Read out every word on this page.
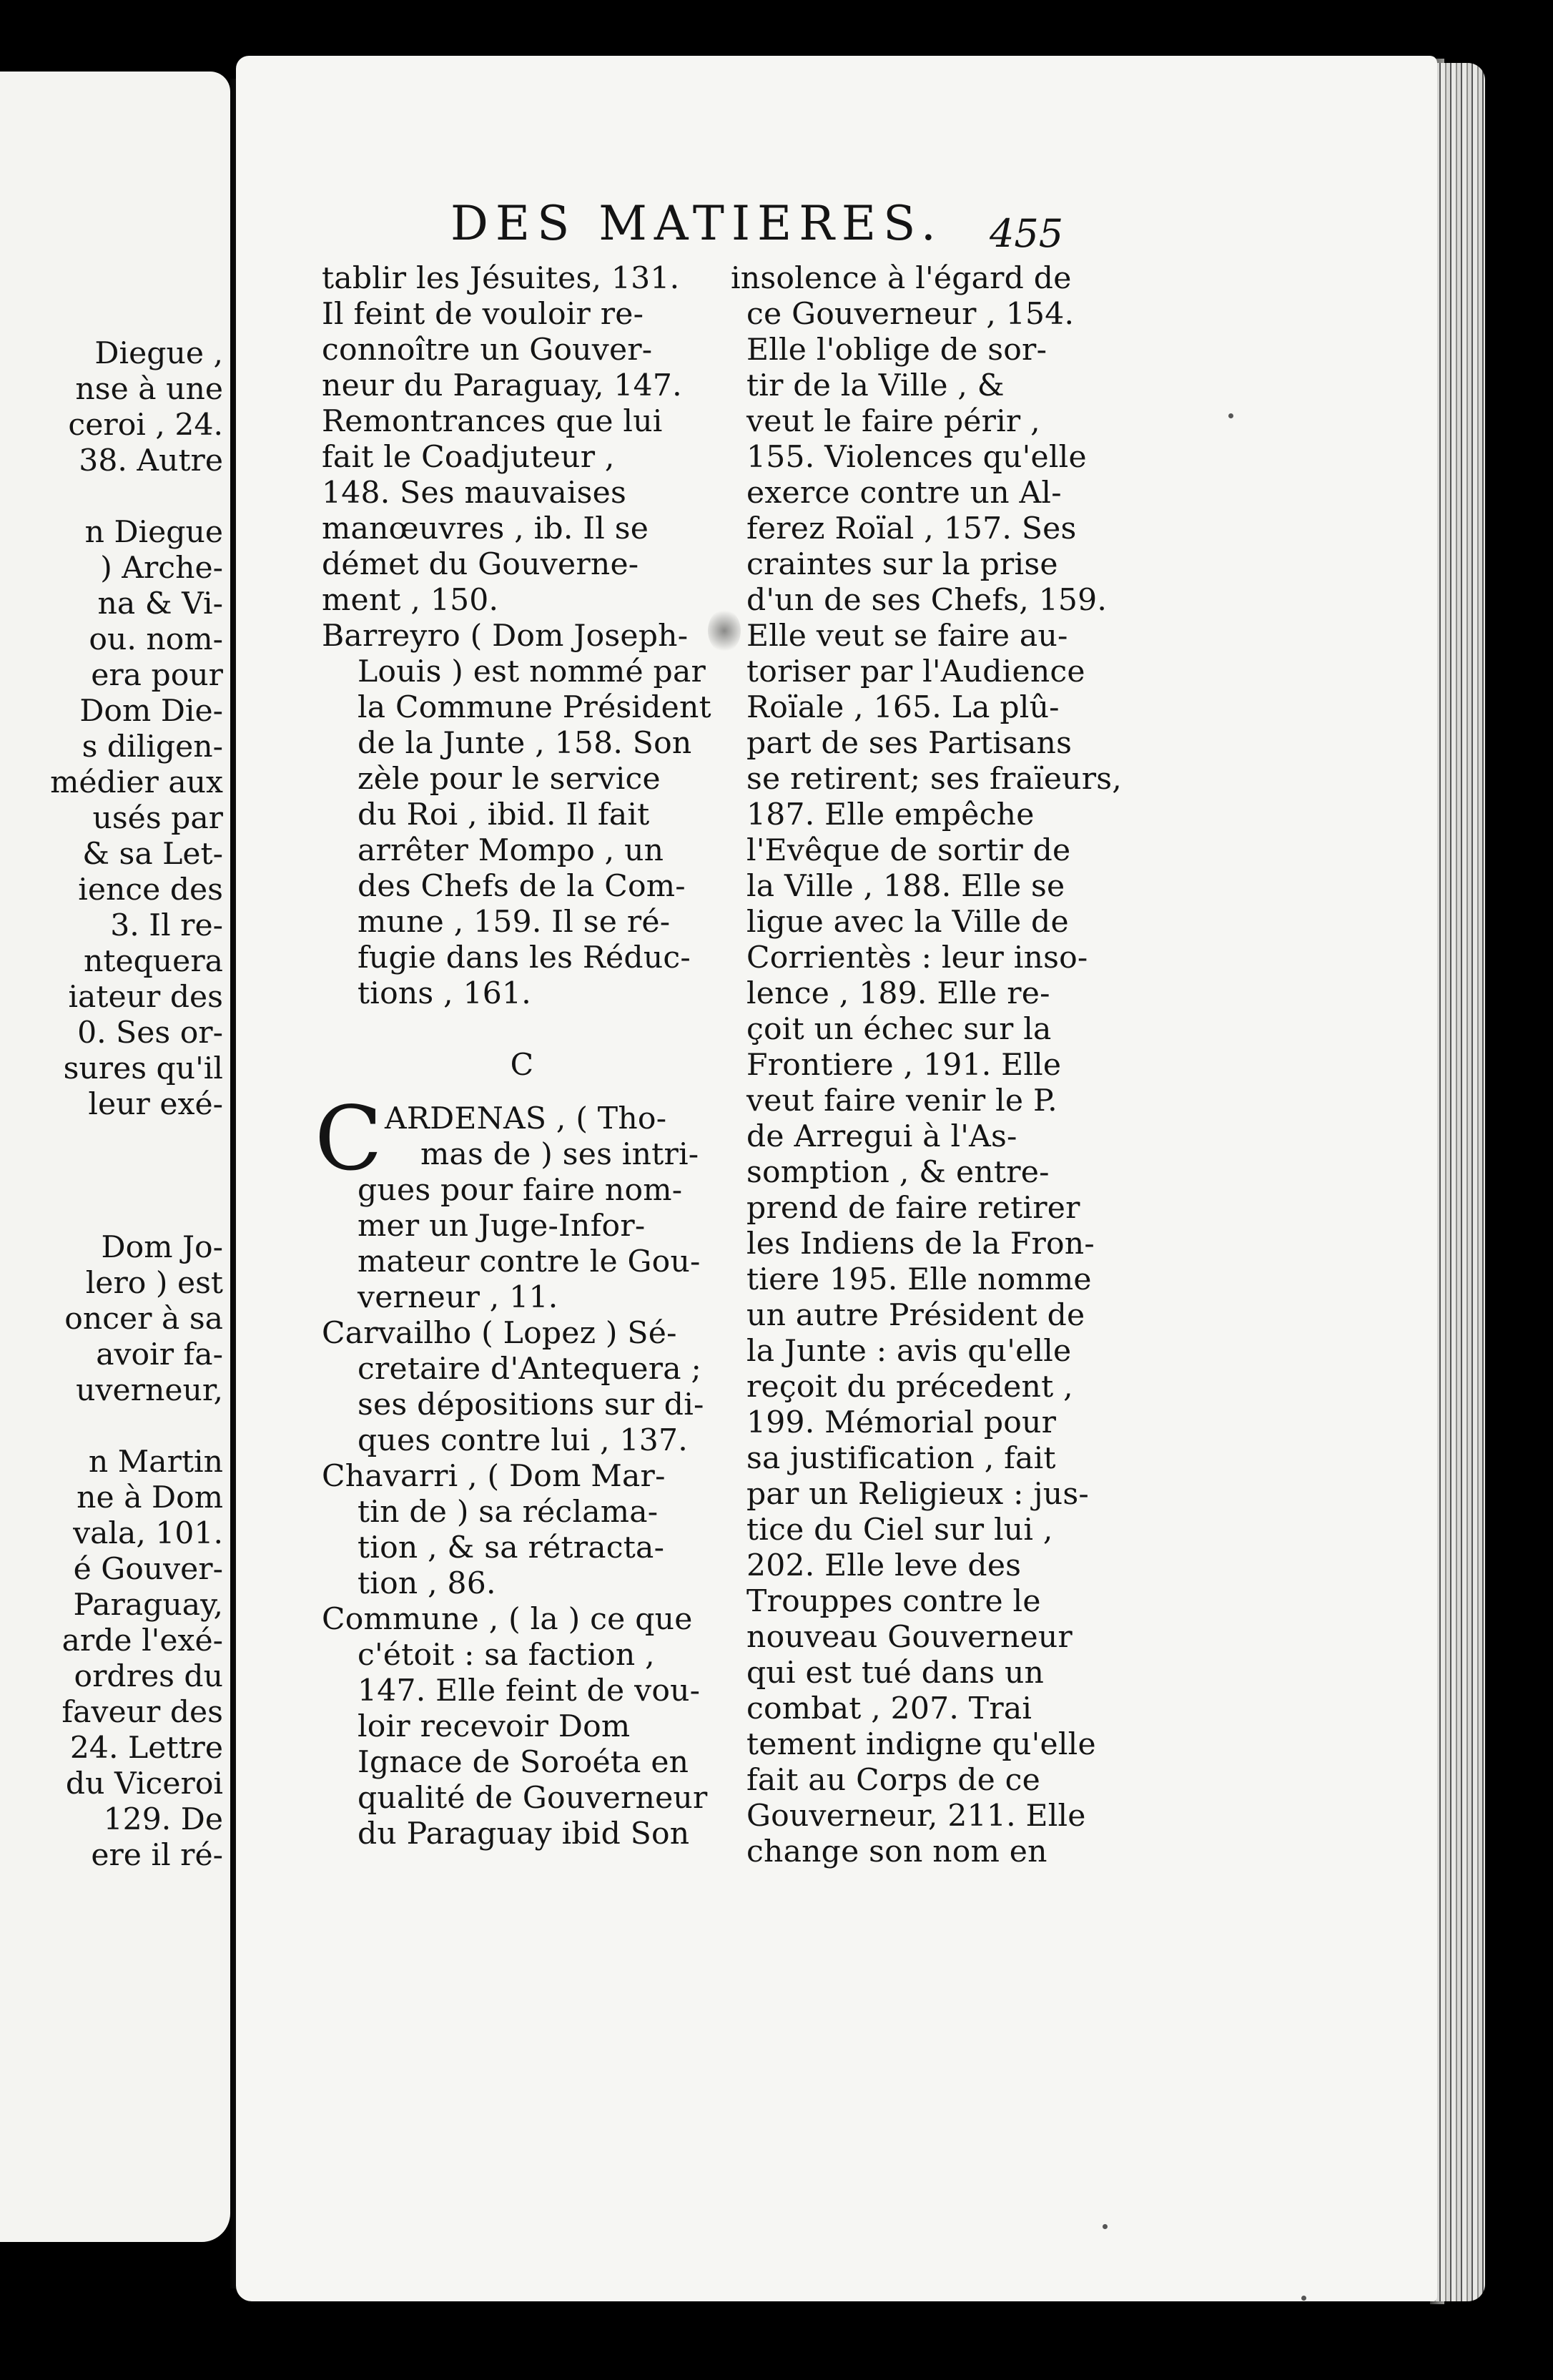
Diegue ,
nse à une
ceroi , 24.
38. Autre
n Diegue
) Arche-
na & Vi-
ou. nom-
era pour
Dom Die-
s diligen-
médier aux
usés par
& sa Let-
ience des
3. Il re-
ntequera
iateur des
0. Ses or-
sures qu'il
leur exé-
Dom Jo-
lero ) est
oncer à sa
avoir fa-
uverneur,
n Martin
ne à Dom
vala, 101.
é Gouver-
Paraguay,
arde l'exé-
ordres du
faveur des
24. Lettre
du Viceroi
129. De
ere il ré-
DES MATIERES.	455
tablir les Jésuites, 131.
Il feint de vouloir re-
connoître un Gouver-
neur du Paraguay, 147.
Remontrances que lui
fait le Coadjuteur ,
148. Ses mauvaises
manœuvres , ib. Il se
démet du Gouverne-
ment , 150.
Barreyro ( Dom Joseph-
Louis ) est nommé par
la Commune Président
de la Junte , 158. Son
zèle pour le service
du Roi , ibid. Il fait
arrêter Mompo , un
des Chefs de la Com-
mune , 159. Il se ré-
fugie dans les Réduc-
tions , 161.
C
C ARDENAS , ( Tho-
mas de ) ses intri-
gues pour faire nom-
mer un Juge-Infor-
mateur contre le Gou-
verneur , 11.
Carvailho ( Lopez ) Sé-
cretaire d'Antequera ;
ses dépositions sur di-
ques contre lui , 137.
Chavarri , ( Dom Mar-
tin de ) sa réclama-
tion , & sa rétracta-
tion , 86.
Commune , ( la ) ce que
c'étoit : sa faction ,
147. Elle feint de vou-
loir recevoir Dom
Ignace de Soroéta en
qualité de Gouverneur
du Paraguay ibid Son
insolence à l'égard de
ce Gouverneur , 154.
Elle l'oblige de sor-
tir de la Ville , &
veut le faire périr ,
155. Violences qu'elle
exerce contre un Al-
ferez Roïal , 157. Ses
craintes sur la prise
d'un de ses Chefs, 159.
Elle veut se faire au-
toriser par l'Audience
Roïale , 165. La plû-
part de ses Partisans
se retirent; ses fraïeurs,
187. Elle empêche
l'Evêque de sortir de
la Ville , 188. Elle se
ligue avec la Ville de
Corrientès : leur inso-
lence , 189. Elle re-
çoit un échec sur la
Frontiere , 191. Elle
veut faire venir le P.
de Arregui à l'As-
somption , & entre-
prend de faire retirer
les Indiens de la Fron-
tiere 195. Elle nomme
un autre Président de
la Junte : avis qu'elle
reçoit du précedent ,
199. Mémorial pour
sa justification , fait
par un Religieux : jus-
tice du Ciel sur lui ,
202. Elle leve des
Trouppes contre le
nouveau Gouverneur
qui est tué dans un
combat , 207. Trai
tement indigne qu'elle
fait au Corps de ce
Gouverneur, 211. Elle
change son nom en
